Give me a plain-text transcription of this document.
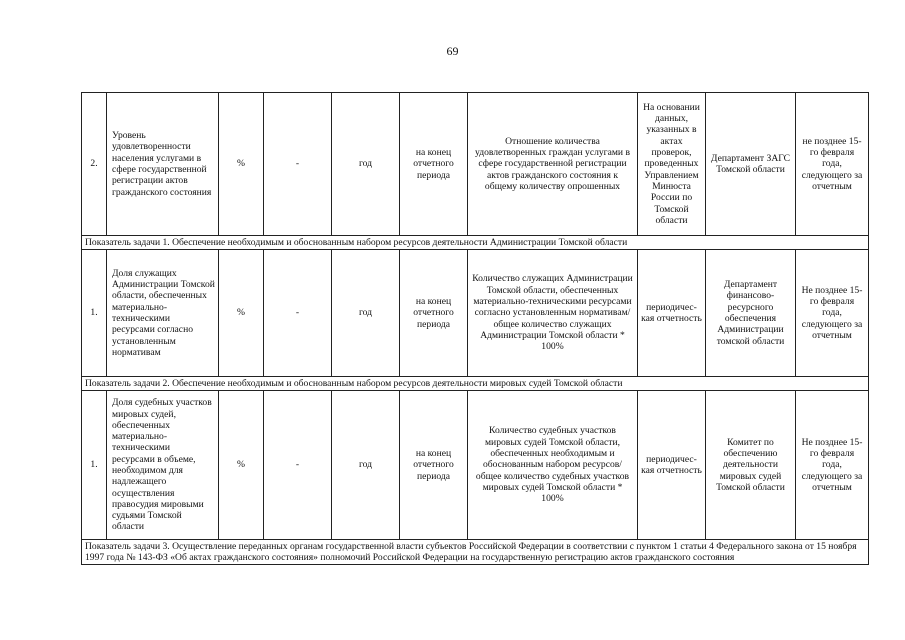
69
2.	Уровень удовлетворенности населения услугами в сфере государственной регистрации актов гражданского состояния	%	-	год	на конец отчетного периода	Отношение количества удовлетворенных граждан услугами в сфере государственной регистрации актов гражданского состояния к общему количеству опрошенных	На основании данных, указанных в актах проверок, проведенных Управлением Минюста России по Томской области	Департамент ЗАГС Томской области	не позднее 15-го февраля года, следующего за отчетным
Показатель задачи 1. Обеспечение необходимым и обоснованным набором ресурсов деятельности Администрации Томской области									
1.	Доля служащих Администрации Томской области, обеспеченных материально-техническими ресурсами согласно установленным нормативам	%	-	год	на конец отчетного периода	Количество служащих Администрации Томской области, обеспеченных материально-техническими ресурсами согласно установленным нормативам/ общее количество служащих Администрации Томской области * 100%	периодичес-кая отчетность	Департамент финансово-ресурсного обеспечения Администрации томской области	Не позднее 15-го февраля года, следующего за отчетным
Показатель задачи 2. Обеспечение необходимым и обоснованным набором ресурсов деятельности мировых судей Томской области									
1.	Доля судебных участков мировых судей, обеспеченных материально-техническими ресурсами в объеме, необходимом для надлежащего осуществления правосудия мировыми судьями Томской области	%	-	год	на конец отчетного периода	Количество судебных участков мировых судей Томской области, обеспеченных необходимым и обоснованным набором ресурсов/ общее количество судебных участков мировых судей Томской области * 100%	периодичес-кая отчетность	Комитет по обеспечению деятельности мировых судей Томской области	Не позднее 15-го февраля года, следующего за отчетным
Показатель задачи 3. Осуществление переданных органам государственной власти субъектов Российской Федерации в соответствии с пунктом 1 статьи 4 Федерального закона от 15 ноября 1997 года № 143-ФЗ «Об актах гражданского состояния» полномочий Российской Федерации на государственную регистрацию актов гражданского состояния									
